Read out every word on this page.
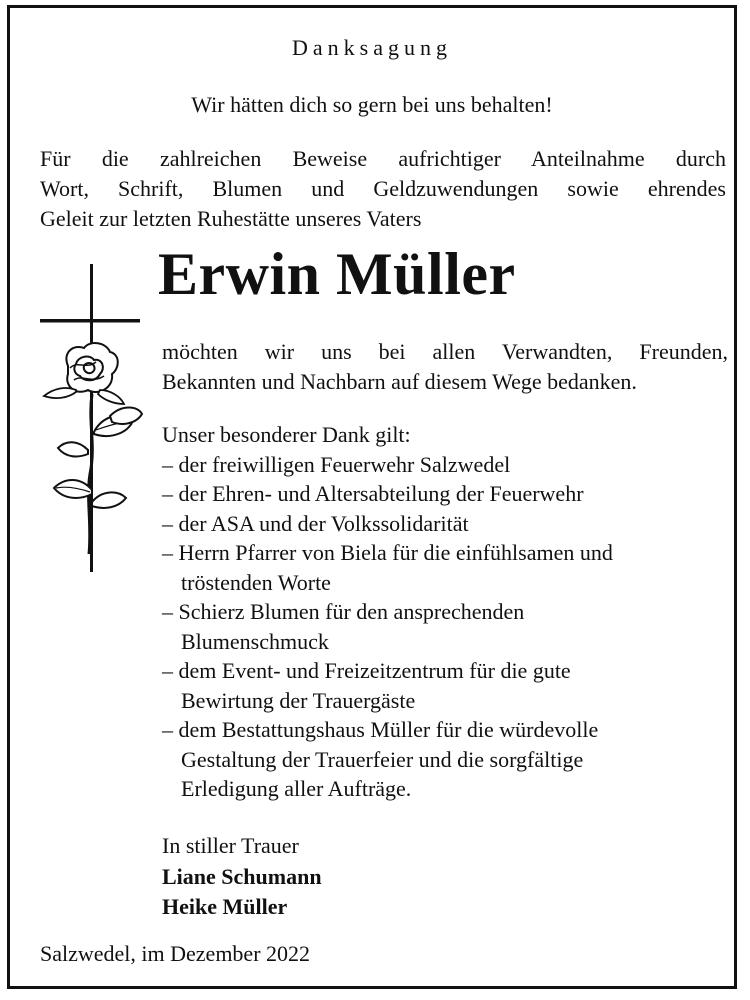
Danksagung
Wir hätten dich so gern bei uns behalten!
Für die zahlreichen Beweise aufrichtiger Anteilnahme durch
Wort, Schrift, Blumen und Geldzuwendungen sowie ehrendes
Geleit zur letzten Ruhestätte unseres Vaters
Erwin Müller
möchten wir uns bei allen Verwandten, Freunden,
Bekannten und Nachbarn auf diesem Wege bedanken.
Unser besonderer Dank gilt:
– der freiwilligen Feuerwehr Salzwedel
– der Ehren- und Altersabteilung der Feuerwehr
– der ASA und der Volkssolidarität
– Herrn Pfarrer von Biela für die einfühlsamen und
tröstenden Worte
– Schierz Blumen für den ansprechenden
Blumenschmuck
– dem Event- und Freizeitzentrum für die gute
Bewirtung der Trauergäste
– dem Bestattungshaus Müller für die würdevolle
Gestaltung der Trauerfeier und die sorgfältige
Erledigung aller Aufträge.
In stiller Trauer
Liane Schumann
Heike Müller
Salzwedel, im Dezember 2022
